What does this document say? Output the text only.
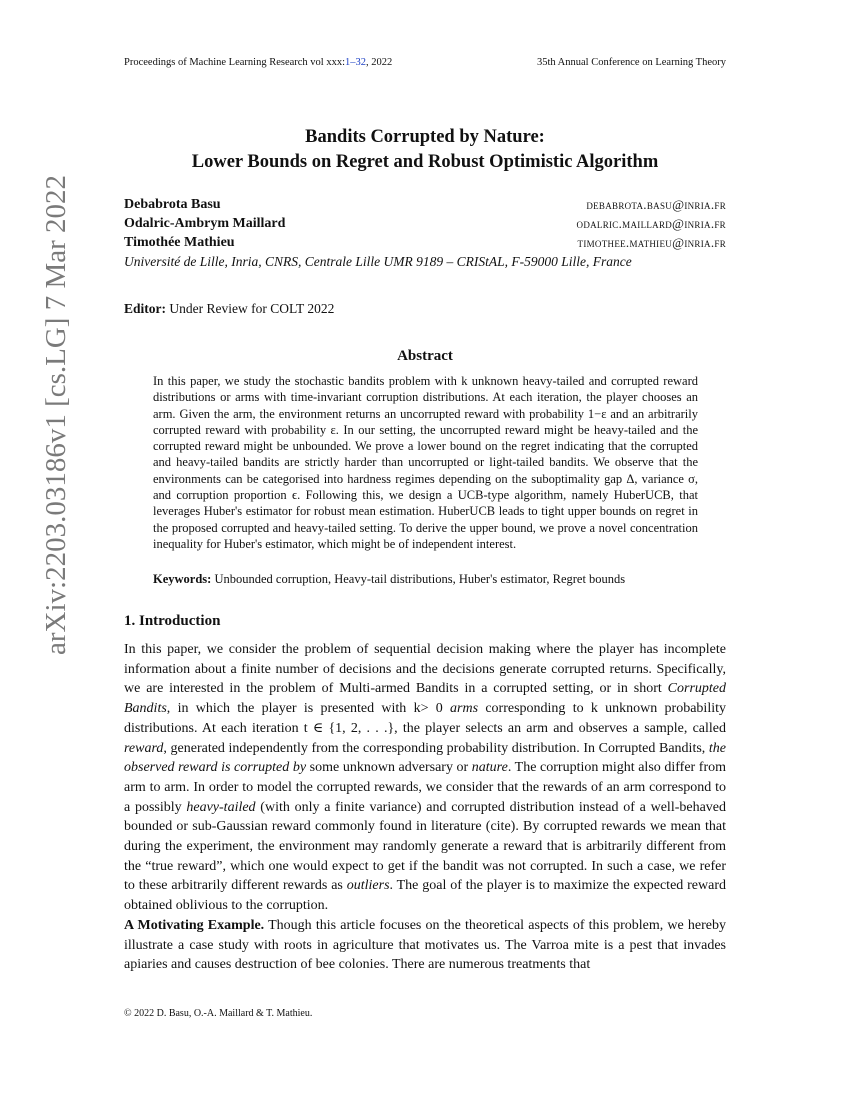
Proceedings of Machine Learning Research vol xxx:1–32, 2022	35th Annual Conference on Learning Theory
Bandits Corrupted by Nature:
Lower Bounds on Regret and Robust Optimistic Algorithm
Debabrota Basu	debabrota.basu@inria.fr
Odalric-Ambrym Maillard	odalric.maillard@inria.fr
Timothée Mathieu	timothee.mathieu@inria.fr
Université de Lille, Inria, CNRS, Centrale Lille UMR 9189 – CRIStAL, F-59000 Lille, France
Editor: Under Review for COLT 2022
Abstract
In this paper, we study the stochastic bandits problem with k unknown heavy-tailed and corrupted reward distributions or arms with time-invariant corruption distributions. At each iteration, the player chooses an arm. Given the arm, the environment returns an uncorrupted reward with probability 1−ε and an arbitrarily corrupted reward with probability ε. In our setting, the uncorrupted reward might be heavy-tailed and the corrupted reward might be unbounded. We prove a lower bound on the regret indicating that the corrupted and heavy-tailed bandits are strictly harder than uncorrupted or light-tailed bandits. We observe that the environments can be categorised into hardness regimes depending on the suboptimality gap Δ, variance σ, and corruption proportion ϵ. Following this, we design a UCB-type algorithm, namely HuberUCB, that leverages Huber's estimator for robust mean estimation. HuberUCB leads to tight upper bounds on regret in the proposed corrupted and heavy-tailed setting. To derive the upper bound, we prove a novel concentration inequality for Huber's estimator, which might be of independent interest.
Keywords: Unbounded corruption, Heavy-tail distributions, Huber's estimator, Regret bounds
1. Introduction
In this paper, we consider the problem of sequential decision making where the player has incomplete information about a finite number of decisions and the decisions generate corrupted returns. Specifically, we are interested in the problem of Multi-armed Bandits in a corrupted setting, or in short Corrupted Bandits, in which the player is presented with k> 0 arms corresponding to k unknown probability distributions. At each iteration t ∈ {1, 2, . . .}, the player selects an arm and observes a sample, called reward, generated independently from the corresponding probability distribution. In Corrupted Bandits, the observed reward is corrupted by some unknown adversary or nature. The corruption might also differ from arm to arm. In order to model the corrupted rewards, we consider that the rewards of an arm correspond to a possibly heavy-tailed (with only a finite variance) and corrupted distribution instead of a well-behaved bounded or sub-Gaussian reward commonly found in literature (cite). By corrupted rewards we mean that during the experiment, the environment may randomly generate a reward that is arbitrarily different from the “true reward”, which one would expect to get if the bandit was not corrupted. In such a case, we refer to these arbitrarily different rewards as outliers. The goal of the player is to maximize the expected reward obtained oblivious to the corruption.
A Motivating Example. Though this article focuses on the theoretical aspects of this problem, we hereby illustrate a case study with roots in agriculture that motivates us. The Varroa mite is a pest that invades apiaries and causes destruction of bee colonies. There are numerous treatments that
© 2022 D. Basu, O.-A. Maillard & T. Mathieu.
arXiv:2203.03186v1 [cs.LG] 7 Mar 2022
